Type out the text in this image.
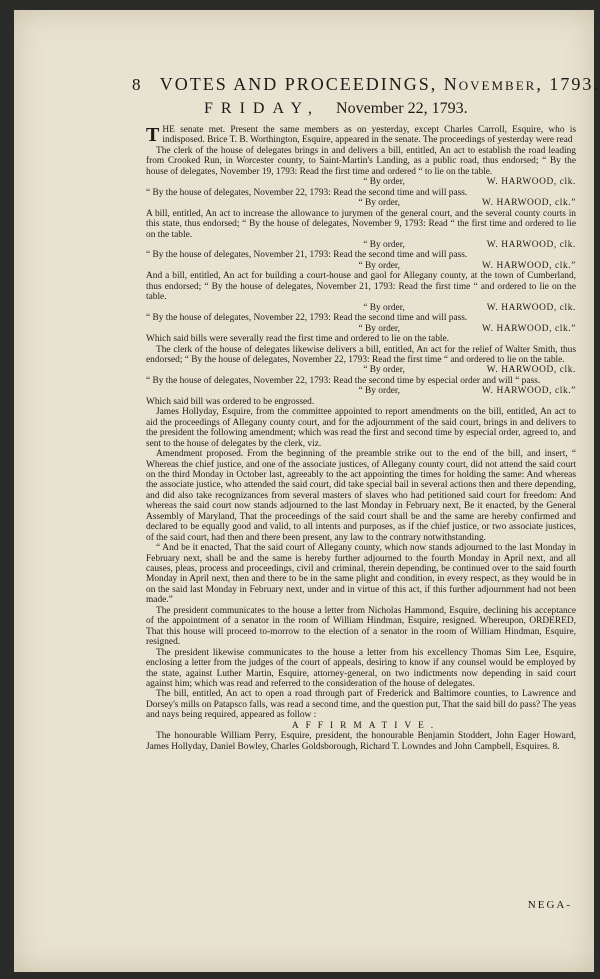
8 VOTES AND PROCEEDINGS, November, 1793.
FRIDAY, November 22, 1793.

THE senate met. Present the same members as on yesterday, except Charles Carroll, Esquire, who is indisposed. Brice T. B. Worthington, Esquire, appeared in the senate. The proceedings of yesterday were read

The clerk of the house of delegates brings in and delivers a bill, entitled, An act to establish the road leading from Crooked Run, in Worcester county, to Saint-Martin's Landing, as a public road, thus endorsed; “ By the house of delegates, November 19, 1793: Read the first time and ordered “ to lie on the table.

“ By order,	W. HARWOOD, clk.

“ By the house of delegates, November 22, 1793: Read the second time and will pass.

“ By order,	W. HARWOOD, clk.”

A bill, entitled, An act to increase the allowance to jurymen of the general court, and the several county courts in this state, thus endorsed; “ By the house of delegates, November 9, 1793: Read “ the first time and ordered to lie on the table.

“ By order,	W. HARWOOD, clk.

“ By the house of delegates, November 21, 1793: Read the second time and will pass.

“ By order,	W. HARWOOD, clk.”

And a bill, entitled, An act for building a court-house and gaol for Allegany county, at the town of Cumberland, thus endorsed; “ By the house of delegates, November 21, 1793: Read the first time “ and ordered to lie on the table.

“ By order,	W. HARWOOD, clk.

“ By the house of delegates, November 22, 1793: Read the second time and will pass.

“ By order,	W. HARWOOD, clk.”

Which said bills were severally read the first time and ordered to lie on the table.

The clerk of the house of delegates likewise delivers a bill, entitled, An act for the relief of Walter Smith, thus endorsed; “ By the house of delegates, November 22, 1793: Read the first time “ and ordered to lie on the table.

“ By order,	W. HARWOOD, clk.

“ By the house of delegates, November 22, 1793: Read the second time by especial order and will “ pass.

“ By order,	W. HARWOOD, clk.”

Which said bill was ordered to be engrossed.

James Hollyday, Esquire, from the committee appointed to report amendments on the bill, entitled, An act to aid the proceedings of Allegany county court, and for the adjournment of the said court, brings in and delivers to the president the following amendment; which was read the first and second time by especial order, agreed to, and sent to the house of delegates by the clerk, viz.

Amendment proposed. From the beginning of the preamble strike out to the end of the bill, and insert, “ Whereas the chief justice, and one of the associate justices, of Allegany county court, did not attend the said court on the third Monday in October last, agreeably to the act appointing the times for holding the same: And whereas the associate justice, who attended the said court, did take special bail in several actions then and there depending, and did also take recognizances from several masters of slaves who had petitioned said court for freedom: And whereas the said court now stands adjourned to the last Monday in February next, Be it enacted, by the General Assembly of Maryland, That the proceedings of the said court shall be and the same are hereby confirmed and declared to be equally good and valid, to all intents and purposes, as if the chief justice, or two associate justices, of the said court, had then and there been present, any law to the contrary notwithstanding.

“ And be it enacted, That the said court of Allegany county, which now stands adjourned to the last Monday in February next, shall be and the same is hereby further adjourned to the fourth Monday in April next, and all causes, pleas, process and proceedings, civil and criminal, therein depending, be continued over to the said fourth Monday in April next, then and there to be in the same plight and condition, in every respect, as they would be in on the said last Monday in February next, under and in virtue of this act, if this further adjournment had not been made.”

The president communicates to the house a letter from Nicholas Hammond, Esquire, declining his acceptance of the appointment of a senator in the room of William Hindman, Esquire, resigned. Whereupon, ORDERED, That this house will proceed to-morrow to the election of a senator in the room of William Hindman, Esquire, resigned.

The president likewise communicates to the house a letter from his excellency Thomas Sim Lee, Esquire, enclosing a letter from the judges of the court of appeals, desiring to know if any counsel would be employed by the state, against Luther Martin, Esquire, attorney-general, on two indictments now depending in said court against him; which was read and referred to the consideration of the house of delegates.

The bill, entitled, An act to open a road through part of Frederick and Baltimore counties, to Lawrence and Dorsey's mills on Patapsco falls, was read a second time, and the question put, That the said bill do pass? The yeas and nays being required, appeared as follow :

AFFIRMATIVE.

The honourable William Perry, Esquire, president, the honourable Benjamin Stoddert, John Eager Howard, James Hollyday, Daniel Bowley, Charles Goldsborough, Richard T. Lowndes and John Campbell, Esquires. 8.

NEGA-
